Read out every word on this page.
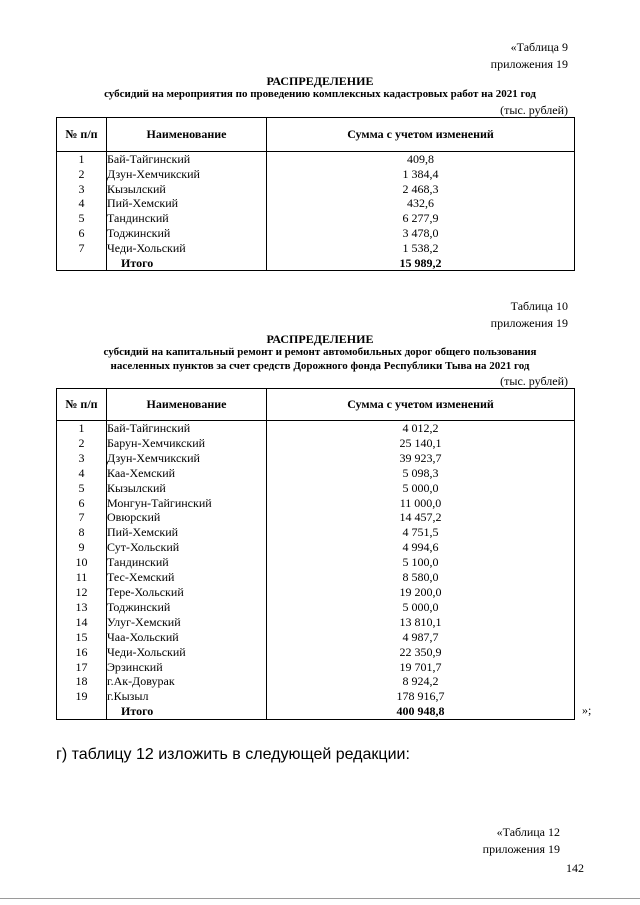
«Таблица 9
приложения 19
РАСПРЕДЕЛЕНИЕ
субсидий на мероприятия по проведению комплексных кадастровых работ на 2021 год
(тыс. рублей)
№ п/п	Наименование	Сумма с учетом изменений
1	Бай-Тайгинский	409,8
2	Дзун-Хемчикский	1 384,4
3	Кызылский	2 468,3
4	Пий-Хемский	432,6
5	Тандинский	6 277,9
6	Тоджинский	3 478,0
7	Чеди-Хольский	1 538,2
	Итого	15 989,2
Таблица 10
приложения 19
РАСПРЕДЕЛЕНИЕ
субсидий на капитальный ремонт и ремонт автомобильных дорог общего пользования
населенных пунктов за счет средств Дорожного фонда Республики Тыва на 2021 год
(тыс. рублей)
№ п/п	Наименование	Сумма с учетом изменений
1	Бай-Тайгинский	4 012,2
2	Барун-Хемчикский	25 140,1
3	Дзун-Хемчикский	39 923,7
4	Каа-Хемский	5 098,3
5	Кызылский	5 000,0
6	Монгун-Тайгинский	11 000,0
7	Овюрский	14 457,2
8	Пий-Хемский	4 751,5
9	Сут-Хольский	4 994,6
10	Тандинский	5 100,0
11	Тес-Хемский	8 580,0
12	Тере-Хольский	19 200,0
13	Тоджинский	5 000,0
14	Улуг-Хемский	13 810,1
15	Чаа-Хольский	4 987,7
16	Чеди-Хольский	22 350,9
17	Эрзинский	19 701,7
18	г.Ак-Довурак	8 924,2
19	г.Кызыл	178 916,7
	Итого	400 948,8	»;
г) таблицу 12 изложить в следующей редакции:
«Таблица 12
приложения 19
142
